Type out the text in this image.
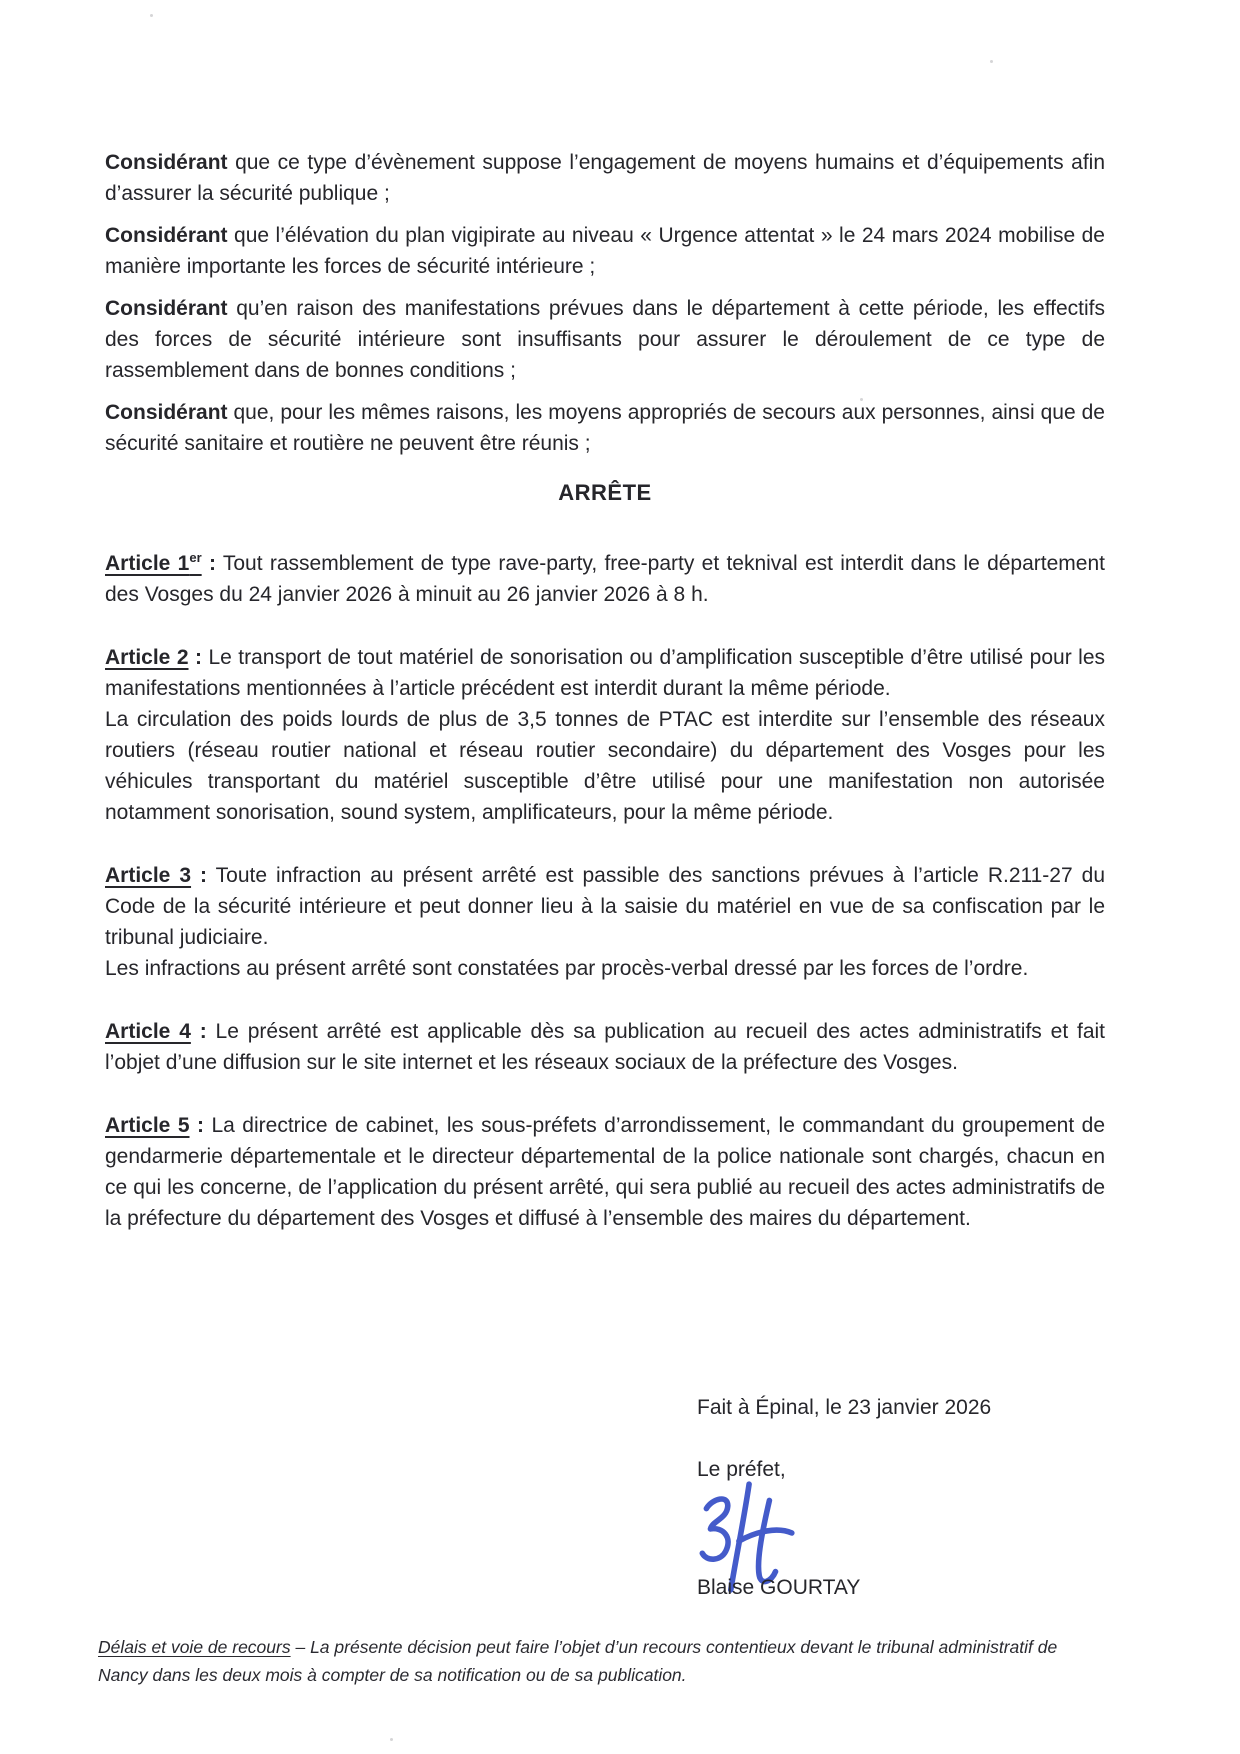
Considérant que ce type d’évènement suppose l’engagement de moyens humains et d’équipements afin d’assurer la sécurité publique ;

Considérant que l’élévation du plan vigipirate au niveau « Urgence attentat » le 24 mars 2024 mobilise de manière importante les forces de sécurité intérieure ;

Considérant qu’en raison des manifestations prévues dans le département à cette période, les effectifs des forces de sécurité intérieure sont insuffisants pour assurer le déroulement de ce type de rassemblement dans de bonnes conditions ;

Considérant que, pour les mêmes raisons, les moyens appropriés de secours aux personnes, ainsi que de sécurité sanitaire et routière ne peuvent être réunis ;

ARRÊTE

Article 1er : Tout rassemblement de type rave-party, free-party et teknival est interdit dans le département des Vosges du 24 janvier 2026 à minuit au 26 janvier 2026 à 8 h.

Article 2 : Le transport de tout matériel de sonorisation ou d’amplification susceptible d’être utilisé pour les manifestations mentionnées à l’article précédent est interdit durant la même période.

La circulation des poids lourds de plus de 3,5 tonnes de PTAC est interdite sur l’ensemble des réseaux routiers (réseau routier national et réseau routier secondaire) du département des Vosges pour les véhicules transportant du matériel susceptible d’être utilisé pour une manifestation non autorisée notamment sonorisation, sound system, amplificateurs, pour la même période.

Article 3 : Toute infraction au présent arrêté est passible des sanctions prévues à l’article R.211-27 du Code de la sécurité intérieure et peut donner lieu à la saisie du matériel en vue de sa confiscation par le tribunal judiciaire.

Les infractions au présent arrêté sont constatées par procès-verbal dressé par les forces de l’ordre.

Article 4 : Le présent arrêté est applicable dès sa publication au recueil des actes administratifs et fait l’objet d’une diffusion sur le site internet et les réseaux sociaux de la préfecture des Vosges.

Article 5 : La directrice de cabinet, les sous-préfets d’arrondissement, le commandant du groupement de gendarmerie départementale et le directeur départemental de la police nationale sont chargés, chacun en ce qui les concerne, de l’application du présent arrêté, qui sera publié au recueil des actes administratifs de la préfecture du département des Vosges et diffusé à l’ensemble des maires du département.

Fait à Épinal, le 23 janvier 2026
Le préfet,
Blaise GOURTAY
Délais et voie de recours – La présente décision peut faire l’objet d’un recours contentieux devant le tribunal administratif de Nancy dans les deux mois à compter de sa notification ou de sa publication.
